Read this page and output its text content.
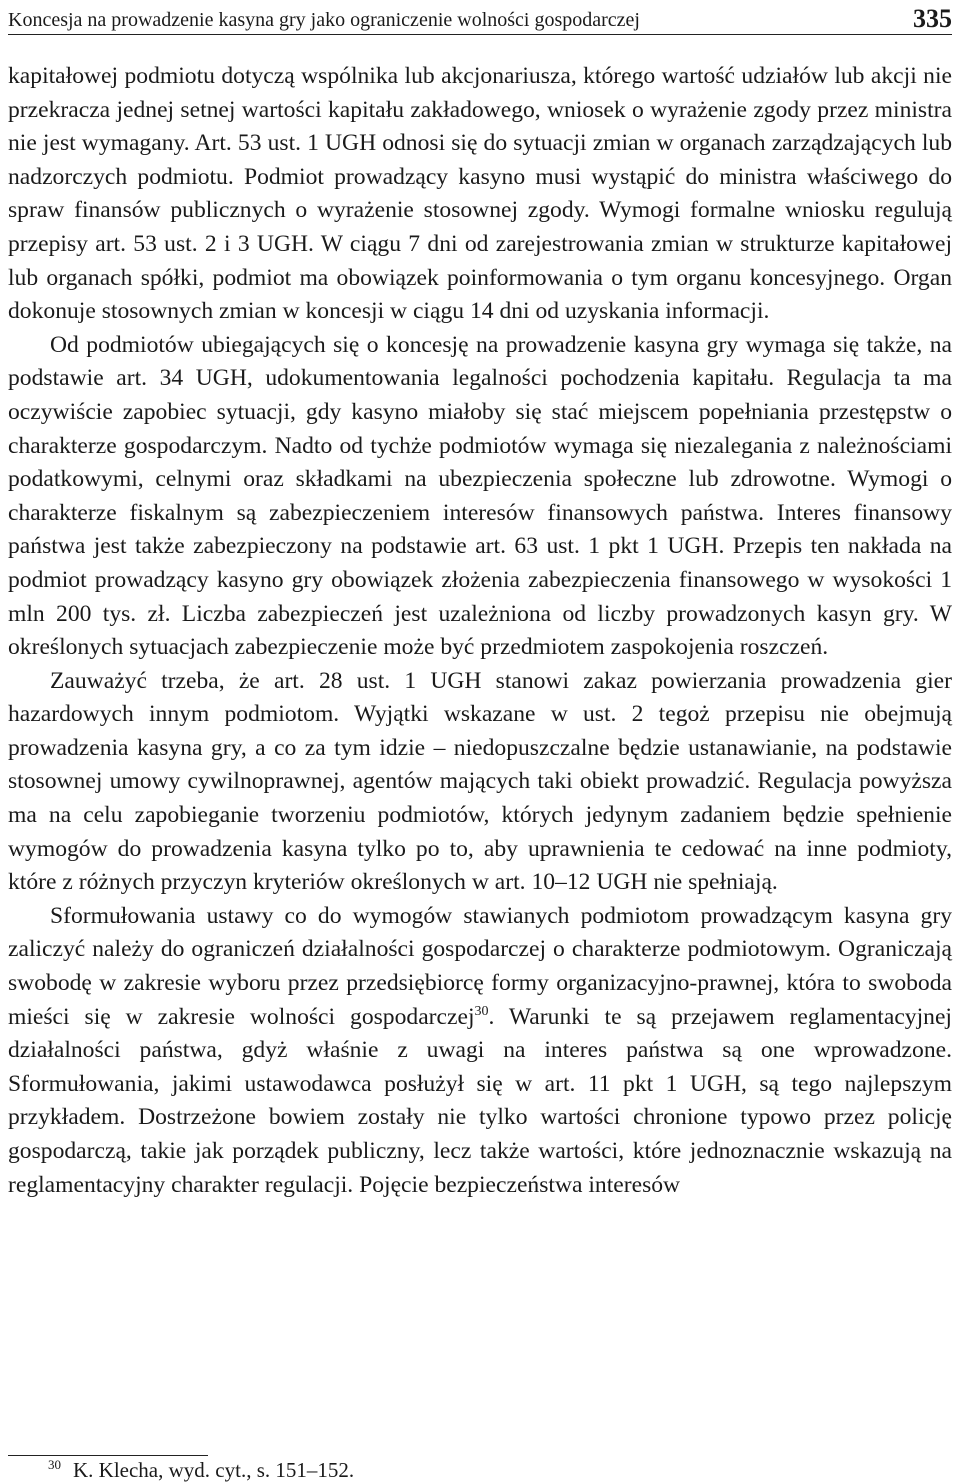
Koncesja na prowadzenie kasyna gry jako ograniczenie wolności gospodarczej	335

kapitałowej podmiotu dotyczą wspólnika lub akcjonariusza, którego wartość udziałów lub akcji nie przekracza jednej setnej wartości kapitału zakładowego, wniosek o wyrażenie zgody przez ministra nie jest wymagany. Art. 53 ust. 1 UGH odnosi się do sytuacji zmian w organach zarządzających lub nadzorczych podmiotu. Podmiot prowadzący kasyno musi wystąpić do ministra właściwego do spraw finansów publicznych o wyrażenie stosownej zgody. Wymogi formalne wniosku regulują przepisy art. 53 ust. 2 i 3 UGH. W ciągu 7 dni od zarejestrowania zmian w strukturze kapitałowej lub organach spółki, podmiot ma obowiązek poinformowania o tym organu koncesyjnego. Organ dokonuje stosownych zmian w koncesji w ciągu 14 dni od uzyskania informacji.

Od podmiotów ubiegających się o koncesję na prowadzenie kasyna gry wymaga się także, na podstawie art. 34 UGH, udokumentowania legalności pochodzenia kapitału. Regulacja ta ma oczywiście zapobiec sytuacji, gdy kasyno miałoby się stać miejscem popełniania przestępstw o charakterze gospodarczym. Nadto od tychże podmiotów wymaga się niezalegania z należnościami podatkowymi, celnymi oraz składkami na ubezpieczenia społeczne lub zdrowotne. Wymogi o charakterze fiskalnym są zabezpieczeniem interesów finansowych państwa. Interes finansowy państwa jest także zabezpieczony na podstawie art. 63 ust. 1 pkt 1 UGH. Przepis ten nakłada na podmiot prowadzący kasyno gry obowiązek złożenia zabezpieczenia finansowego w wysokości 1 mln 200 tys. zł. Liczba zabezpieczeń jest uzależniona od liczby prowadzonych kasyn gry. W określonych sytuacjach zabezpieczenie może być przedmiotem zaspokojenia roszczeń.

Zauważyć trzeba, że art. 28 ust. 1 UGH stanowi zakaz powierzania prowadzenia gier hazardowych innym podmiotom. Wyjątki wskazane w ust. 2 tegoż przepisu nie obejmują prowadzenia kasyna gry, a co za tym idzie – niedopuszczalne będzie ustanawianie, na podstawie stosownej umowy cywilnoprawnej, agentów mających taki obiekt prowadzić. Regulacja powyższa ma na celu zapobieganie tworzeniu podmiotów, których jedynym zadaniem będzie spełnienie wymogów do prowadzenia kasyna tylko po to, aby uprawnienia te cedować na inne podmioty, które z różnych przyczyn kryteriów określonych w art. 10–12 UGH nie spełniają.

Sformułowania ustawy co do wymogów stawianych podmiotom prowadzącym kasyna gry zaliczyć należy do ograniczeń działalności gospodarczej o charakterze podmiotowym. Ograniczają swobodę w zakresie wyboru przez przedsiębiorcę formy organizacyjno-prawnej, która to swoboda mieści się w zakresie wolności gospodarczej$^{30}$. Warunki te są przejawem reglamentacyjnej działalności państwa, gdyż właśnie z uwagi na interes państwa są one wprowadzone. Sformułowania, jakimi ustawodawca posłużył się w art. 11 pkt 1 UGH, są tego najlepszym przykładem. Dostrzeżone bowiem zostały nie tylko wartości chronione typowo przez policję gospodarczą, takie jak porządek publiczny, lecz także wartości, które jednoznacznie wskazują na reglamentacyjny charakter regulacji. Pojęcie bezpieczeństwa interesów

$^{30}$ K. Klecha, wyd. cyt., s. 151–152.
